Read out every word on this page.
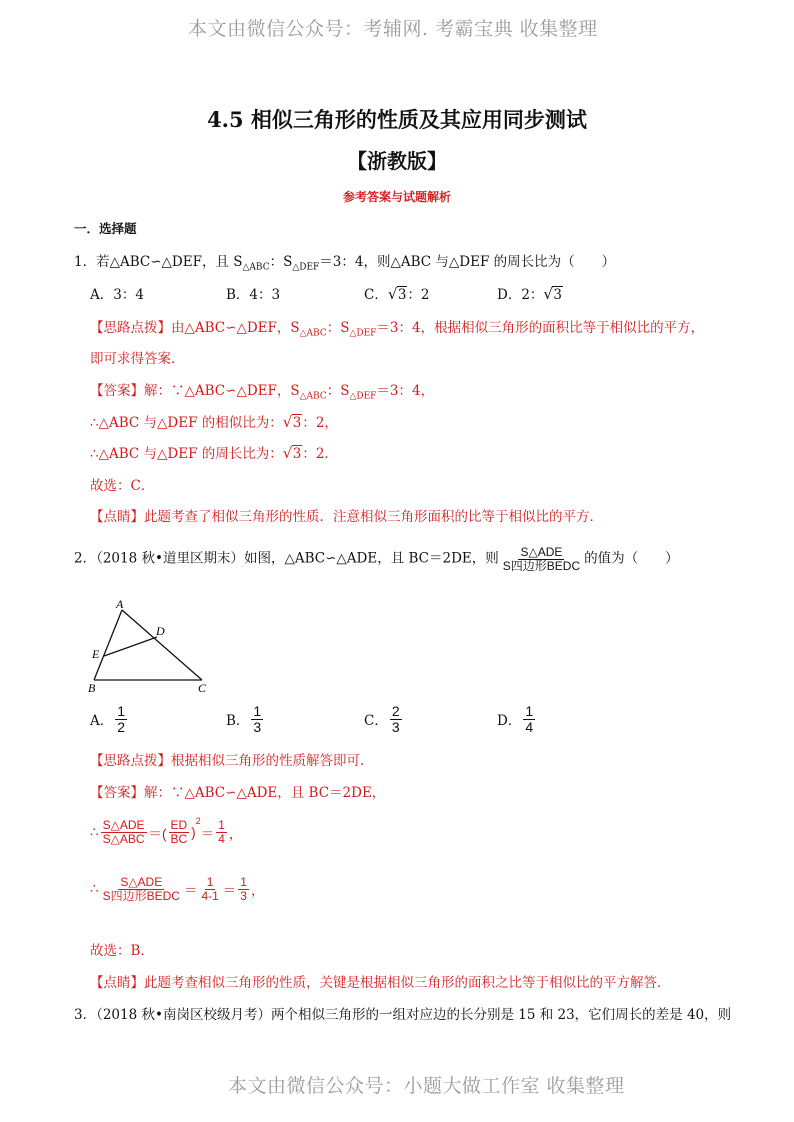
本文由微信公众号：考辅网. 考霸宝典 收集整理
4.5 相似三角形的性质及其应用同步测试
【浙教版】
参考答案与试题解析
一．选择题
1．若△ABC∽△DEF，且 $S_{\triangle ABC}$：$S_{\triangle DEF}=3$：4，则△ABC 与△DEF 的周长比为（　　）
A．3：4	B．4：3	C． √ 3：2	D．2： √ 3
【思路点拨】由△ABC∽△DEF，$S_{\triangle ABC}$：$S_{\triangle DEF}=3$：4，根据相似三角形的面积比等于相似比的平方，
即可求得答案．
【答案】解：∵△ABC∽△DEF，$S_{\triangle ABC}$：$S_{\triangle DEF}=3$：4，
∴△ABC 与△DEF 的相似比为： √ 3：2，
∴△ABC 与△DEF 的周长比为： √ 3：2．
故选：C．
【点睛】此题考查了相似三角形的性质．注意相似三角形面积的比等于相似比的平方．
2．（2018 秋•道里区期末）如图，△ABC∽△ADE，且 BC＝2DE，则 $\frac{\text{S△ADE}}{\text{S四边形BEDC}}$ 的值为（　　）
A
D
E
B	C
A． $\frac{1}{2}$	B． $\frac{1}{3}$	C． $\frac{2}{3}$	D． $\frac{1}{4}$
【思路点拨】根据相似三角形的性质解答即可．
【答案】解：∵△ABC∽△ADE，且 BC＝2DE，
∴ $\frac{\text{S△ADE}}{\text{S△ABC}}$ ＝( $\frac{ED}{BC} )^2= \frac{1}{4}$ ，
∴ $\frac{\text{S△ADE}}{\text{S四边形BEDC}} = \frac{1}{4-1} = \frac{1}{3}$ ，
故选：B．
【点睛】此题考查相似三角形的性质，关键是根据相似三角形的面积之比等于相似比的平方解答．
3．（2018 秋•南岗区校级月考）两个相似三角形的一组对应边的长分别是 15 和 23，它们周长的差是 40，则
本文由微信公众号：小题大做工作室 收集整理
